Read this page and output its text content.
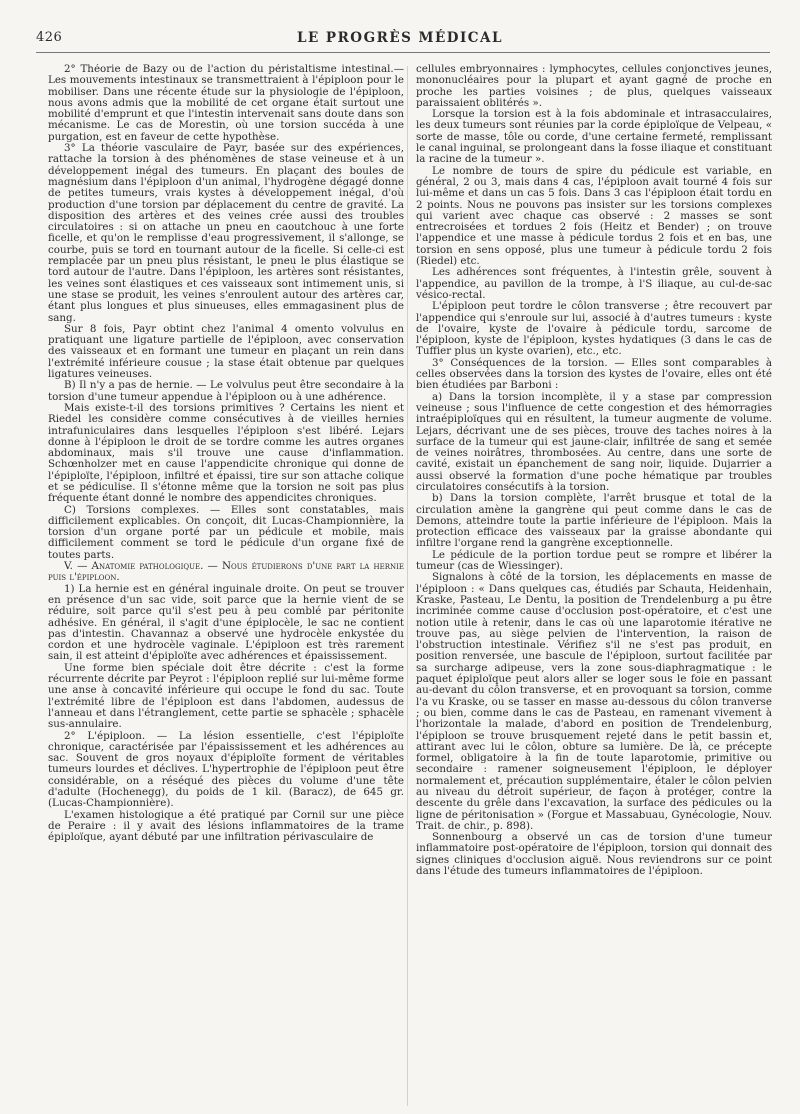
426	LE PROGRÈS MÉDICAL

2° Théorie de Bazy ou de l'action du péristaltisme intestinal.— Les mouvements intestinaux se transmettraient à l'épiploon pour le mobiliser. Dans une récente étude sur la physiologie de l'épiploon, nous avons admis que la mobilité de cet organe était surtout une mobilité d'emprunt et que l'intestin intervenait sans doute dans son mécanisme. Le cas de Morestin, où une torsion succéda à une purgation, est en faveur de cette hypothèse.

3° La théorie vasculaire de Payr, basée sur des expériences, rattache la torsion à des phénomènes de stase veineuse et à un développement inégal des tumeurs. En plaçant des boules de magnésium dans l'épiploon d'un animal, l'hydrogène dégagé donne de petites tumeurs, vrais kystes à développement inégal, d'où production d'une torsion par déplacement du centre de gravité. La disposition des artères et des veines crée aussi des troubles circulatoires : si on attache un pneu en caoutchouc à une forte ficelle, et qu'on le remplisse d'eau progressivement, il s'allonge, se courbe, puis se tord en tournant autour de la ficelle. Si celle-ci est remplacée par un pneu plus résistant, le pneu le plus élastique se tord autour de l'autre. Dans l'épiploon, les artères sont résistantes, les veines sont élastiques et ces vaisseaux sont intimement unis, si une stase se produit, les veines s'enroulent autour des artères car, étant plus longues et plus sinueuses, elles emmagasinent plus de sang.

Sur 8 fois, Payr obtint chez l'animal 4 omento volvulus en pratiquant une ligature partielle de l'épiploon, avec conservation des vaisseaux et en formant une tumeur en plaçant un rein dans l'extrémité inférieure cousue ; la stase était obtenue par quelques ligatures veineuses.

B) Il n'y a pas de hernie. — Le volvulus peut être secondaire à la torsion d'une tumeur appendue à l'épiploon ou à une adhérence.

Mais existe-t-il des torsions primitives ? Certains les nient et Riedel les considère comme consécutives à de vieilles hernies intrafuniculaires dans lesquelles l'épiploon s'est libéré. Lejars donne à l'épiploon le droit de se tordre comme les autres organes abdominaux, mais s'il trouve une cause d'inflammation. Schœnholzer met en cause l'appendicite chronique qui donne de l'épiploïte, l'épiploon, infiltré et épaissi, tire sur son attache colique et se pédiculise. Il s'étonne même que la torsion ne soit pas plus fréquente étant donné le nombre des appendicites chroniques.

C) Torsions complexes. — Elles sont constatables, mais difficilement explicables. On conçoit, dit Lucas-Championnière, la torsion d'un organe porté par un pédicule et mobile, mais difficilement comment se tord le pédicule d'un organe fixé de toutes parts.

V. — Anatomie pathologique. — Nous étudierons d'une part la hernie puis l'épiploon.

1) La hernie est en général inguinale droite. On peut se trouver en présence d'un sac vide, soit parce que la hernie vient de se réduire, soit parce qu'il s'est peu à peu comblé par péritonite adhésive. En général, il s'agit d'une épiplocèle, le sac ne contient pas d'intestin. Chavannaz a observé une hydrocèle enkystée du cordon et une hydrocèle vaginale. L'épiploon est très rarement sain, il est atteint d'épiploïte avec adhérences et épaississement.

Une forme bien spéciale doit être décrite : c'est la forme récurrente décrite par Peyrot : l'épiploon replié sur lui-même forme une anse à concavité inférieure qui occupe le fond du sac. Toute l'extrémité libre de l'épiploon est dans l'abdomen, audessus de l'anneau et dans l'étranglement, cette partie se sphacèle ; sphacèle sus-annulaire.

2° L'épiploon. — La lésion essentielle, c'est l'épiploïte chronique, caractérisée par l'épaississement et les adhérences au sac. Souvent de gros noyaux d'épiploïte forment de véritables tumeurs lourdes et déclives. L'hypertrophie de l'épiploon peut être considérable, on a réséqué des pièces du volume d'une tête d'adulte (Hochenegg), du poids de 1 kil. (Baracz), de 645 gr. (Lucas-Championnière).

L'examen histologique a été pratiqué par Cornil sur une pièce de Peraire : il y avait des lésions inflammatoires de la trame épiploïque, ayant débuté par une infiltration périvasculaire de

cellules embryonnaires : lymphocytes, cellules conjonctives jeunes, mononucléaires pour la plupart et ayant gagné de proche en proche les parties voisines ; de plus, quelques vaisseaux paraissaient oblitérés ».

Lorsque la torsion est à la fois abdominale et intrasacculaires, les deux tumeurs sont réunies par la corde épiploïque de Velpeau, « sorte de masse, tôle ou corde, d'une certaine fermeté, remplissant le canal inguinal, se prolongeant dans la fosse iliaque et constituant la racine de la tumeur ».

Le nombre de tours de spire du pédicule est variable, en général, 2 ou 3, mais dans 4 cas, l'épiploon avait tourné 4 fois sur lui-même et dans un cas 5 fois. Dans 3 cas l'épiploon était tordu en 2 points. Nous ne pouvons pas insister sur les torsions complexes qui varient avec chaque cas observé : 2 masses se sont entrecroisées et tordues 2 fois (Heitz et Bender) ; on trouve l'appendice et une masse à pédicule tordus 2 fois et en bas, une torsion en sens opposé, plus une tumeur à pédicule tordu 2 fois (Riedel) etc.

Les adhérences sont fréquentes, à l'intestin grêle, souvent à l'appendice, au pavillon de la trompe, à l'S iliaque, au cul-de-sac vésico-rectal.

L'épiploon peut tordre le côlon transverse ; être recouvert par l'appendice qui s'enroule sur lui, associé à d'autres tumeurs : kyste de l'ovaire, kyste de l'ovaire à pédicule tordu, sarcome de l'épiploon, kyste de l'épiploon, kystes hydatiques (3 dans le cas de Tuffier plus un kyste ovarien), etc., etc.

3° Conséquences de la torsion. — Elles sont comparables à celles observées dans la torsion des kystes de l'ovaire, elles ont été bien étudiées par Barboni :

a) Dans la torsion incomplète, il y a stase par compression veineuse ; sous l'influence de cette congestion et des hémorragies intraépiploïques qui en résultent, la tumeur augmente de volume. Lejars, décrivant une de ses pièces, trouve des taches noires à la surface de la tumeur qui est jaune-clair, infiltrée de sang et semée de veines noirâtres, thrombosées. Au centre, dans une sorte de cavité, existait un épanchement de sang noir, liquide. Dujarrier a aussi observé la formation d'une poche hématique par troubles circulatoires consécutifs à la torsion.

b) Dans la torsion complète, l'arrêt brusque et total de la circulation amène la gangrène qui peut comme dans le cas de Demons, atteindre toute la partie inférieure de l'épiploon. Mais la protection efficace des vaisseaux par la graisse abondante qui infiltre l'organe rend la gangrène exceptionnelle.

Le pédicule de la portion tordue peut se rompre et libérer la tumeur (cas de Wiessinger).

Signalons à côté de la torsion, les déplacements en masse de l'épiploon : « Dans quelques cas, étudiés par Schauta, Heidenhain, Kraske, Pasteau, Le Dentu, la position de Trendelenburg a pu être incriminée comme cause d'occlusion post-opératoire, et c'est une notion utile à retenir, dans le cas où une laparotomie itérative ne trouve pas, au siège pelvien de l'intervention, la raison de l'obstruction intestinale. Vérifiez s'il ne s'est pas produit, en position renversée, une bascule de l'épiploon, surtout facilitée par sa surcharge adipeuse, vers la zone sous-diaphragmatique : le paquet épiploïque peut alors aller se loger sous le foie en passant au-devant du côlon transverse, et en provoquant sa torsion, comme l'a vu Kraske, ou se tasser en masse au-dessous du côlon tranverse ; ou bien, comme dans le cas de Pasteau, en ramenant vivement à l'horizontale la malade, d'abord en position de Trendelenburg, l'épiploon se trouve brusquement rejeté dans le petit bassin et, attirant avec lui le côlon, obture sa lumière. De là, ce précepte formel, obligatoire à la fin de toute laparotomie, primitive ou secondaire : ramener soigneusement l'épiploon, le déployer normalement et, précaution supplémentaire, étaler le côlon pelvien au niveau du détroit supérieur, de façon à protéger, contre la descente du grêle dans l'excavation, la surface des pédicules ou la ligne de péritonisation » (Forgue et Massabuau, Gynécologie, Nouv. Trait. de chir., p. 898).

Sonnenbourg a observé un cas de torsion d'une tumeur inflammatoire post-opératoire de l'épiploon, torsion qui donnait des signes cliniques d'occlusion aiguë. Nous reviendrons sur ce point dans l'étude des tumeurs inflammatoires de l'épiploon.
